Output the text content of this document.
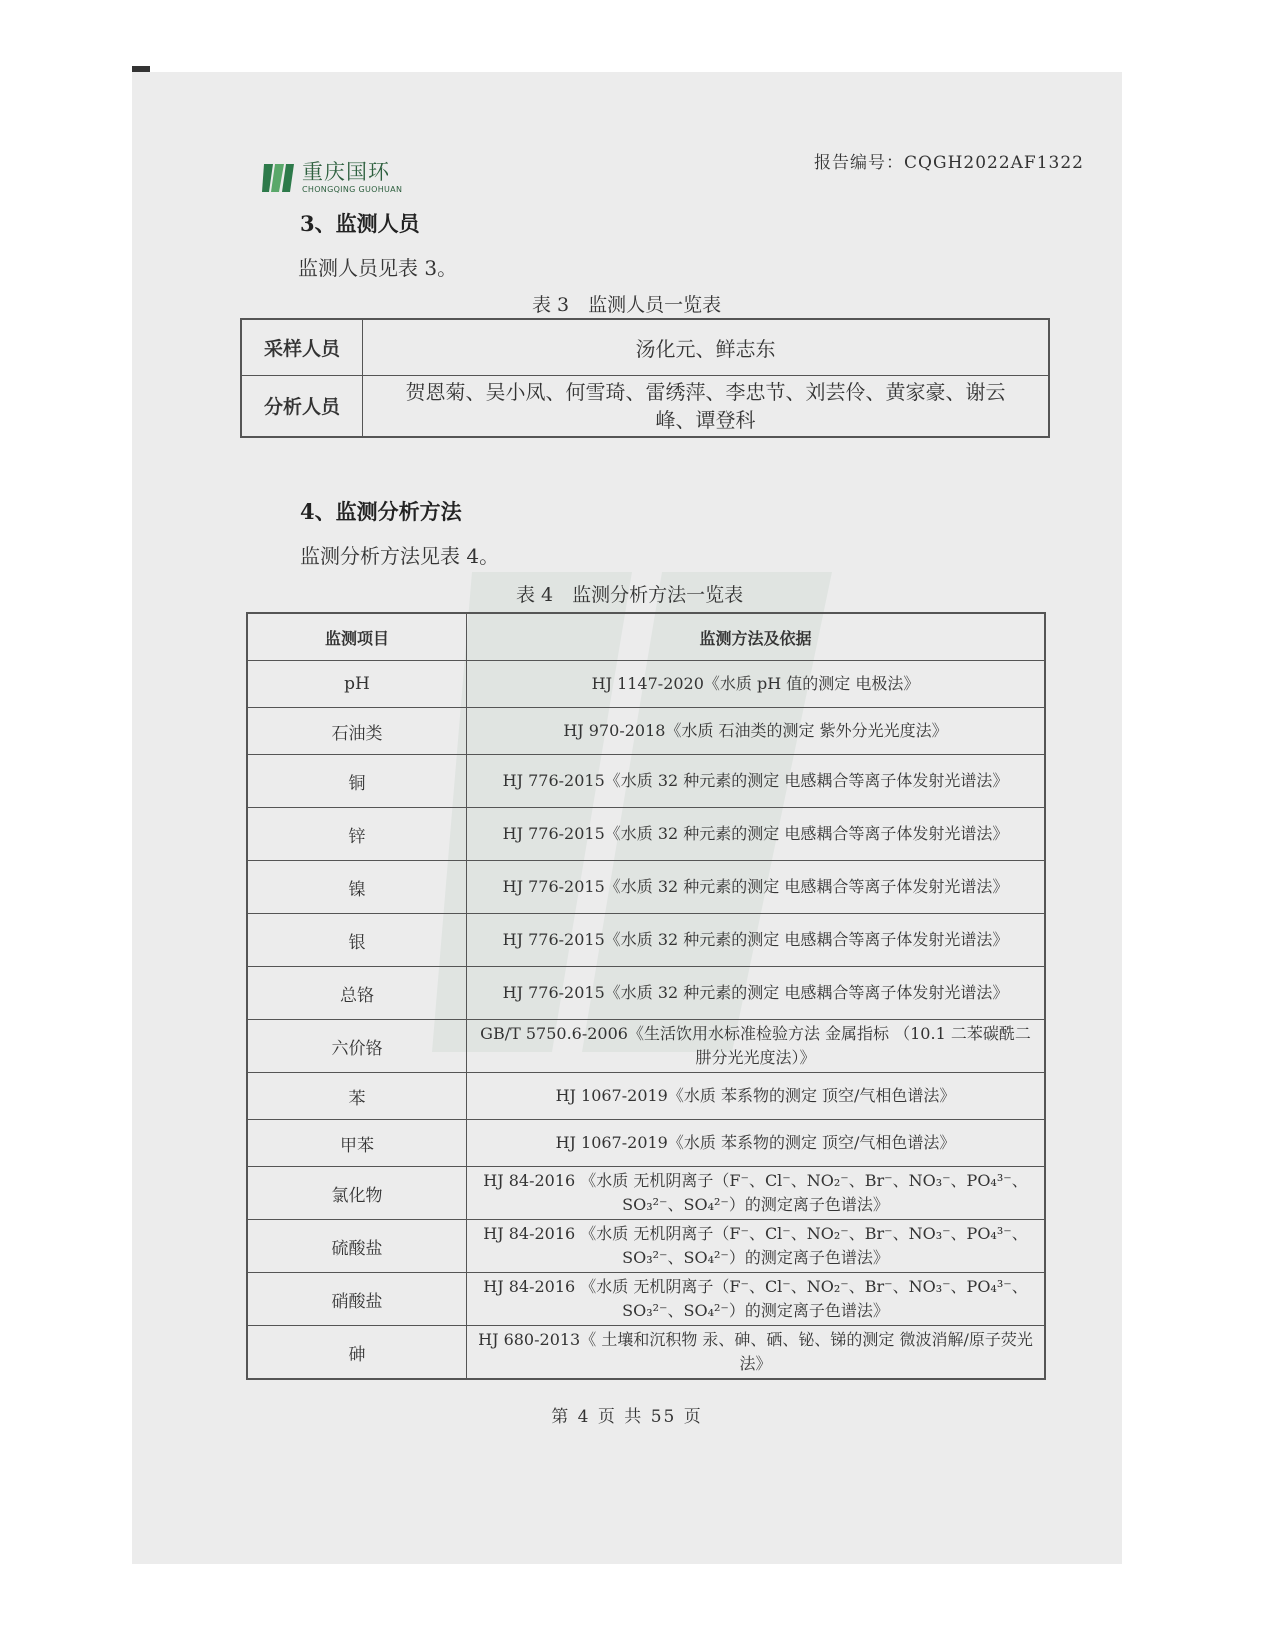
重庆国环
CHONGQING GUOHUAN
报告编号：CQGH2022AF1322
3、监测人员
监测人员见表 3。
表 3　监测人员一览表
采样人员	汤化元、鲜志东
分析人员	贺恩菊、吴小凤、何雪琦、雷绣萍、李忠节、刘芸伶、黄家豪、谢云峰、谭登科
4、监测分析方法
监测分析方法见表 4。
表 4　监测分析方法一览表
监测项目	监测方法及依据
pH	HJ 1147-2020《水质 pH 值的测定 电极法》
石油类	HJ 970-2018《水质 石油类的测定 紫外分光光度法》
铜	HJ 776-2015《水质 32 种元素的测定 电感耦合等离子体发射光谱法》
锌	HJ 776-2015《水质 32 种元素的测定 电感耦合等离子体发射光谱法》
镍	HJ 776-2015《水质 32 种元素的测定 电感耦合等离子体发射光谱法》
银	HJ 776-2015《水质 32 种元素的测定 电感耦合等离子体发射光谱法》
总铬	HJ 776-2015《水质 32 种元素的测定 电感耦合等离子体发射光谱法》
六价铬	GB/T 5750.6-2006《生活饮用水标准检验方法 金属指标 （10.1 二苯碳酰二肼分光光度法）》
苯	HJ 1067-2019《水质 苯系物的测定 顶空/气相色谱法》
甲苯	HJ 1067-2019《水质 苯系物的测定 顶空/气相色谱法》
氯化物	HJ 84-2016 《水质 无机阴离子（F⁻、Cl⁻、NO₂⁻、Br⁻、NO₃⁻、PO₄³⁻、SO₃²⁻、SO₄²⁻）的测定离子色谱法》
硫酸盐	HJ 84-2016 《水质 无机阴离子（F⁻、Cl⁻、NO₂⁻、Br⁻、NO₃⁻、PO₄³⁻、SO₃²⁻、SO₄²⁻）的测定离子色谱法》
硝酸盐	HJ 84-2016 《水质 无机阴离子（F⁻、Cl⁻、NO₂⁻、Br⁻、NO₃⁻、PO₄³⁻、SO₃²⁻、SO₄²⁻）的测定离子色谱法》
砷	HJ 680-2013《 土壤和沉积物 汞、砷、硒、铋、锑的测定 微波消解/原子荧光法》
第 4 页 共 55 页
